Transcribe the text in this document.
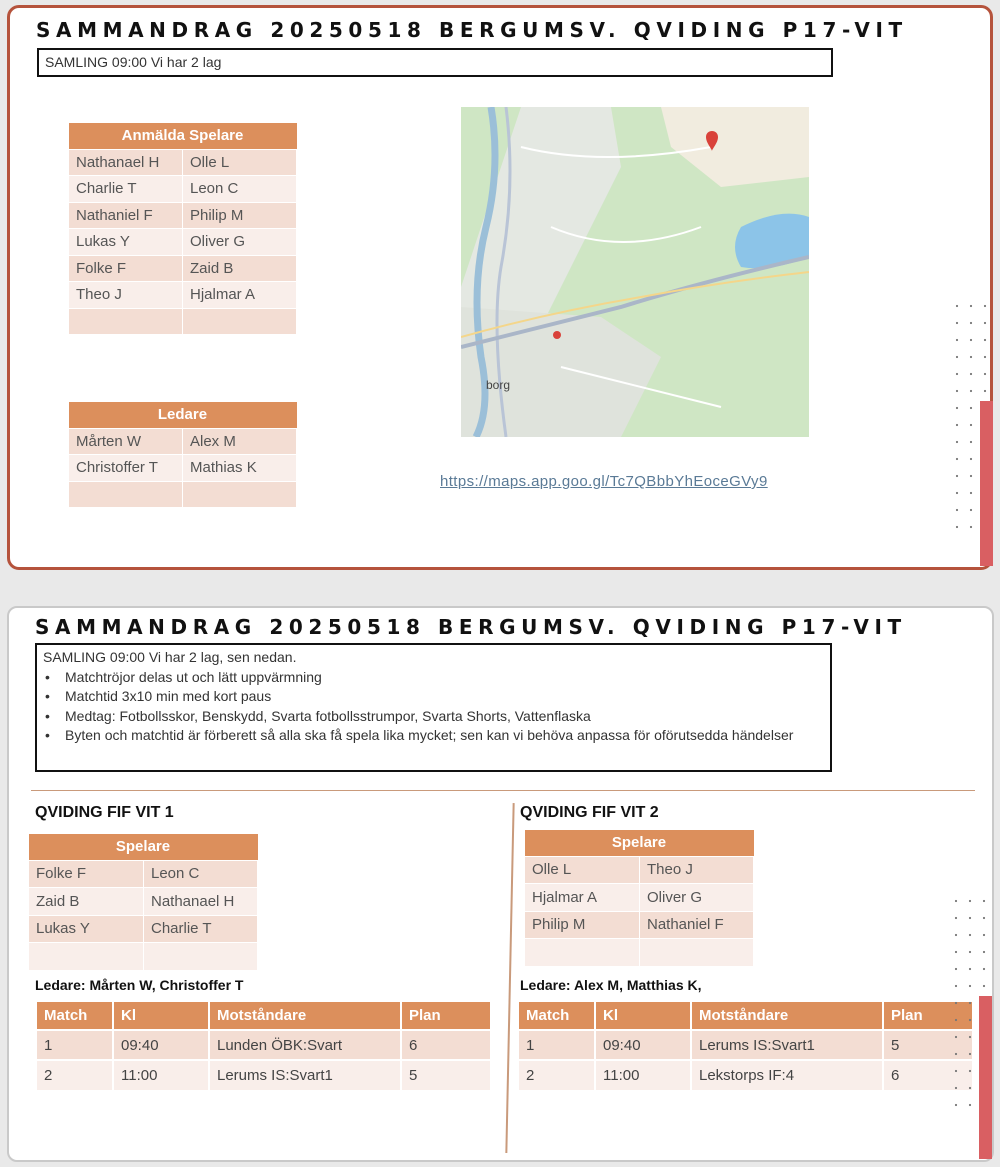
SAMMANDRAG 20250518 BERGUMSV. QVIDING P17-VIT
SAMLING 09:00 Vi har 2 lag
Anmälda Spelare	
Nathanael H	Olle L
Charlie T	Leon C
Nathaniel F	Philip M
Lukas Y	Oliver G
Folke F	Zaid B
Theo J	Hjalmar A

Ledare	
Mårten W	Alex M
Christoffer T	Mathias K

borg
https://maps.app.goo.gl/Tc7QBbbYhEoceGVy9
SAMMANDRAG 20250518 BERGUMSV. QVIDING P17-VIT
SAMLING 09:00 Vi har 2 lag, sen nedan.
• Matchtröjor delas ut och lätt uppvärmning
• Matchtid 3x10 min med kort paus
• Medtag: Fotbollsskor, Benskydd, Svarta fotbollsstrumpor, Svarta Shorts, Vattenflaska
• Byten och matchtid är förberett så alla ska få spela lika mycket; sen kan vi behöva anpassa för oförutsedda händelser
QVIDING FIF VIT 1
Spelare	
Folke F	Leon C
Zaid B	Nathanael H
Lukas Y	Charlie T

Ledare: Mårten W, Christoffer T
Match	Kl	Motståndare	Plan
1	09:40	Lunden ÖBK:Svart	6
2	11:00	Lerums IS:Svart1	5
QVIDING FIF VIT 2
Spelare	
Olle L	Theo J
Hjalmar A	Oliver G
Philip M	Nathaniel F

Ledare: Alex M, Matthias K,
Match	Kl	Motståndare	Plan
1	09:40	Lerums IS:Svart1	5
2	11:00	Lekstorps IF:4	6
